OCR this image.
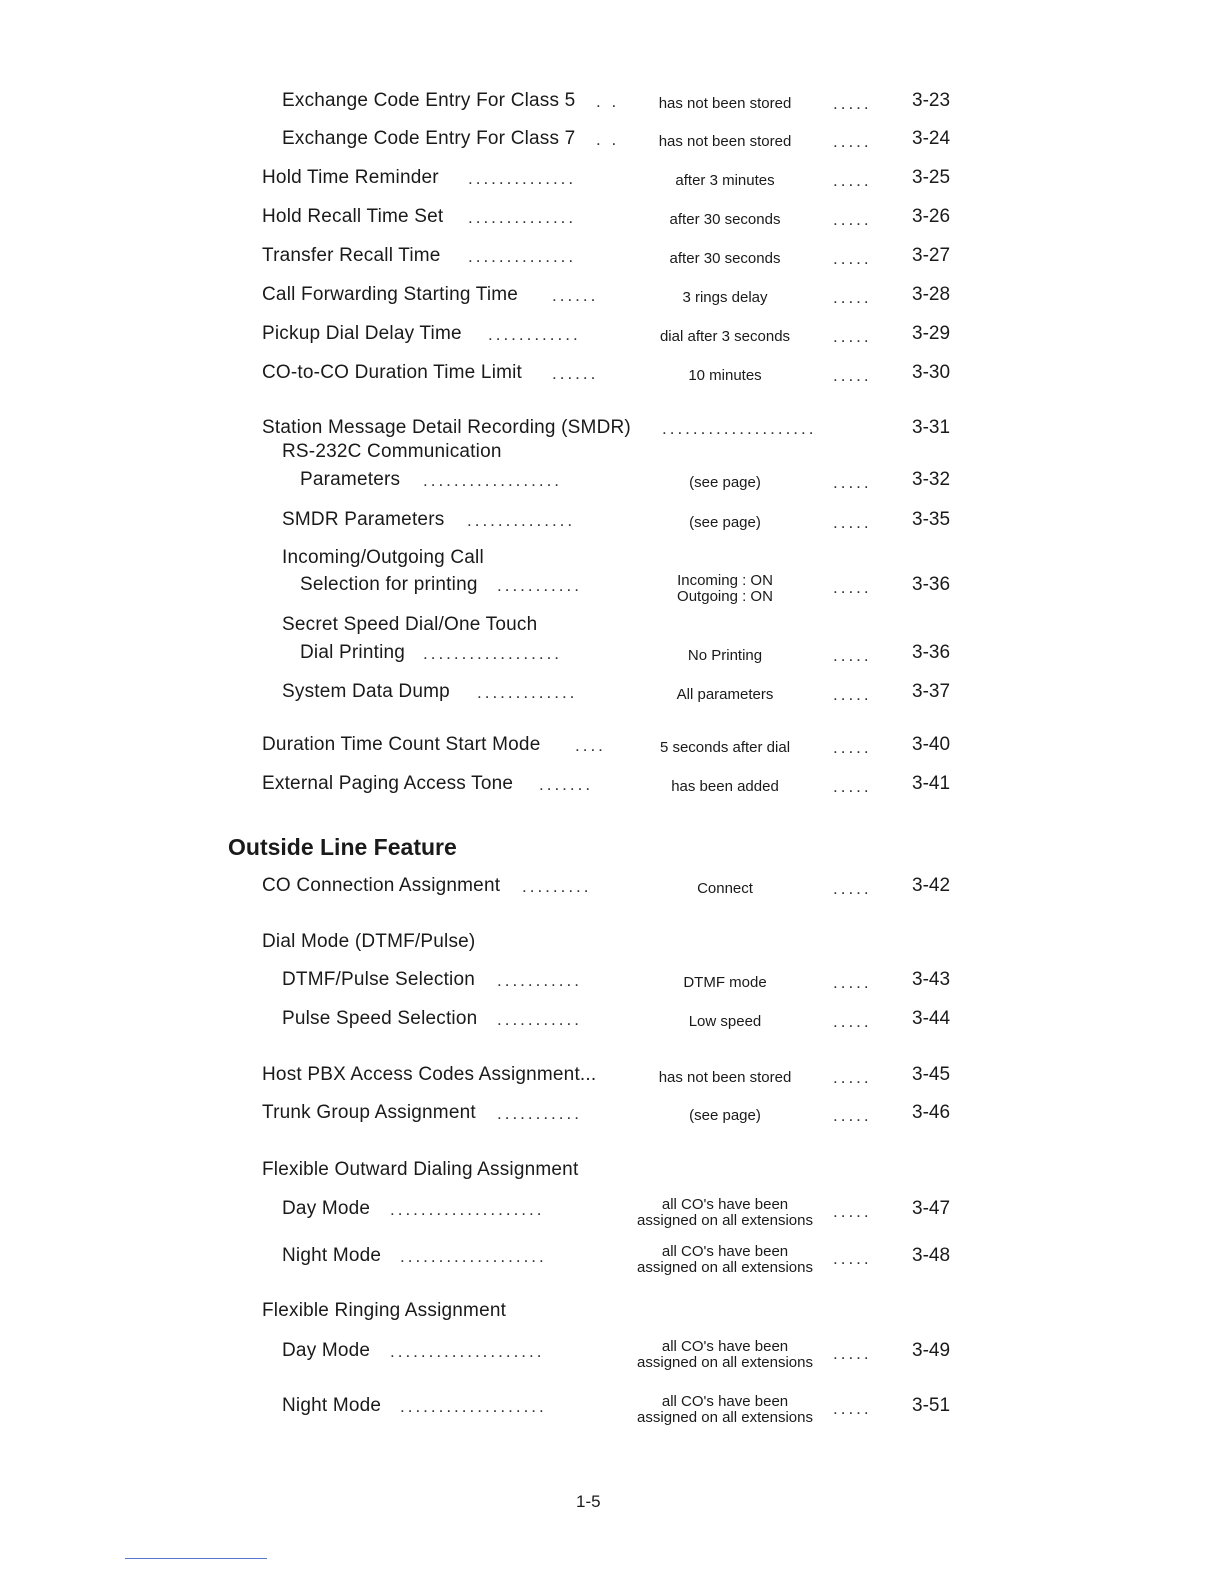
Exchange Code Entry For Class 5 . .	has not been stored	..... 3-23
Exchange Code Entry For Class 7 . .	has not been stored	..... 3-24
Hold Time Reminder ..............	after 3 minutes	..... 3-25
Hold Recall Time Set ..............	after 30 seconds	..... 3-26
Transfer Recall Time ..............	after 30 seconds	..... 3-27
Call Forwarding Starting Time ......	3 rings delay	..... 3-28
Pickup Dial Delay Time ............	dial after 3 seconds	..... 3-29
CO-to-CO Duration Time Limit ......	10 minutes	..... 3-30
Station Message Detail Recording (SMDR) ....................	3-31
RS-232C Communication
Parameters ..................	(see page)	..... 3-32
SMDR Parameters ..............	(see page)	..... 3-35
Incoming/Outgoing Call
Selection for printing ...........	Incoming : ON
Outgoing : ON	..... 3-36
Secret Speed Dial/One Touch
Dial Printing ..................	No Printing	..... 3-36
System Data Dump .............	All parameters	..... 3-37
Duration Time Count Start Mode ....	5 seconds after dial	..... 3-40
External Paging Access Tone .......	has been added	..... 3-41
CO Connection Assignment .........	Connect	..... 3-42
Dial Mode (DTMF/Pulse)
DTMF/Pulse Selection ...........	DTMF mode	..... 3-43
Pulse Speed Selection ...........	Low speed	..... 3-44
Host PBX Access Codes Assignment...	has not been stored	..... 3-45
Trunk Group Assignment ...........	(see page)	..... 3-46
Flexible Outward Dialing Assignment
Day Mode ....................	all CO's have been
assigned on all extensions	..... 3-47
Night Mode ...................	all CO's have been
assigned on all extensions	..... 3-48
Flexible Ringing Assignment
Day Mode ....................	all CO's have been
assigned on all extensions	..... 3-49
Night Mode ...................	all CO's have been
assigned on all extensions	..... 3-51
Outside Line Feature
1-5
